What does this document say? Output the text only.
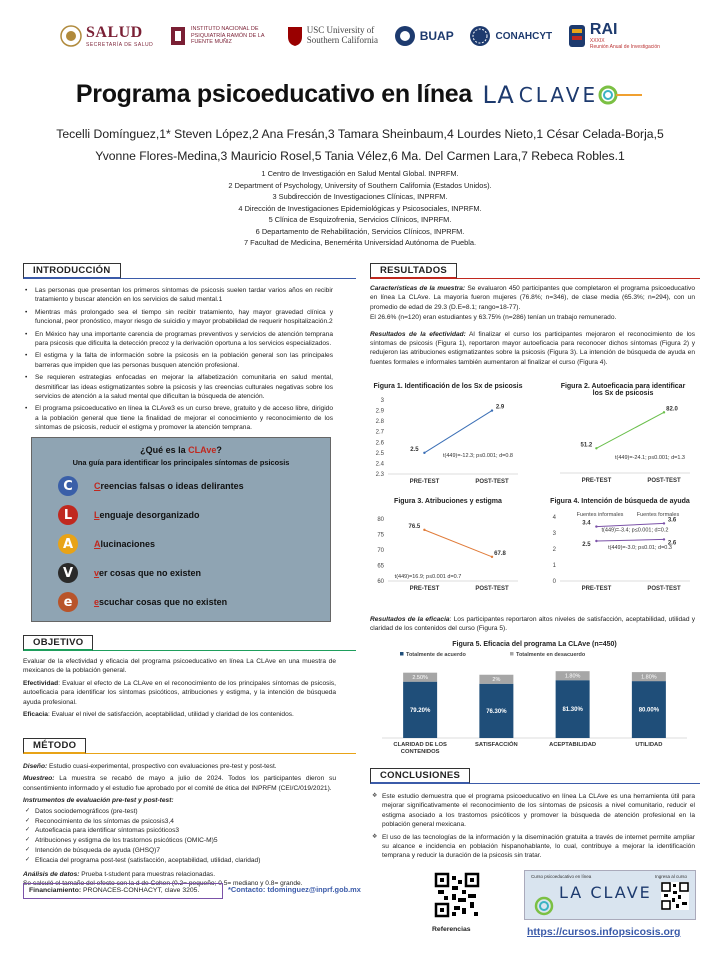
SALUD
SECRETARÍA DE SALUD
INSTITUTO NACIONAL DE PSIQUIATRÍA RAMÓN DE LA FUENTE MUÑIZ
USC University of
Southern California	BUAP	CONAHCYT RAI
XXXIX
Reunión Anual de Investigación
Programa psicoeducativo en línea LA CLAVE
Tecelli Domínguez,1* Steven López,2 Ana Fresán,3 Tamara Sheinbaum,4 Lourdes Nieto,1 César Celada-Borja,5
Yvonne Flores-Medina,3 Mauricio Rosel,5 Tania Vélez,6 Ma. Del Carmen Lara,7 Rebeca Robles.1
1 Centro de Investigación en Salud Mental Global. INPRFM.
2 Department of Psychology, University of Southern California (Estados Unidos).
3 Subdirección de Investigaciones Clínicas, INPRFM.
4 Dirección de Investigaciones Epidemiológicas y Psicosociales, INPRFM.
5 Clínica de Esquizofrenia, Servicios Clínicos, INPRFM.
6 Departamento de Rehabilitación, Servicios Clínicos, INPRFM.
7 Facultad de Medicina, Benemérita Universidad Autónoma de Puebla.
INTRODUCCIÓN
• Las personas que presentan los primeros síntomas de psicosis suelen tardar varios años en recibir tratamiento y buscar atención en los servicios de salud mental.1
• Mientras más prolongado sea el tiempo sin recibir tratamiento, hay mayor gravedad clínica y funcional, peor pronóstico, mayor riesgo de suicidio y mayor probabilidad de requerir hospitalización.2
• En México hay una importante carencia de programas preventivos y servicios de atención temprana para psicosis que dificulta la detección precoz y la derivación oportuna a los servicios especializados.
• El estigma y la falta de información sobre la psicosis en la población general son las principales barreras que impiden que las personas busquen atención profesional.
• Se requieren estrategias enfocadas en mejorar la alfabetización comunitaria en salud mental, desmitificar las ideas estigmatizantes sobre la psicosis y las creencias culturales negativas sobre los servicios de atención a la salud mental que dificultan la búsqueda de atención.
• El programa psicoeducativo en línea la CLAve3 es un curso breve, gratuito y de acceso libre, dirigido a la población general que tiene la finalidad de mejorar el conocimiento y reconocimiento de los síntomas de psicosis, reducir el estigma y promover la atención temprana.
¿Qué es la CLAve?
Una guía para identificar los principales síntomas de psicosis
C	Creencias falsas o ideas delirantes
L	Lenguaje desorganizado
A	Alucinaciones
V	ver cosas que no existen
e	escuchar cosas que no existen
OBJETIVO

Evaluar de la efectividad y eficacia del programa psicoeducativo en línea La CLAve en una muestra de mexicanos de la población general.

Efectividad: Evaluar el efecto de La CLAve en el reconocimiento de los principales síntomas de psicosis, autoeficacia para identificar los síntomas psicóticos, atribuciones y estigma, y la intención de búsqueda ayuda profesional.

Eficacia: Evaluar el nivel de satisfacción, aceptabilidad, utilidad y claridad de los contenidos.

MÉTODO

Diseño: Estudio cuasi-experimental, prospectivo con evaluaciones pre-test y post-test.

Muestreo: La muestra se recabó de mayo a julio de 2024. Todos los participantes dieron su consentimiento informado y el estudio fue aprobado por el comité de ética del INPRFM (CEI/C/019/2021).

Instrumentos de evaluación pre-test y post-test:

✓ Datos sociodemográficos (pre-test)
✓ Reconocimiento de los síntomas de psicosis3,4
✓ Autoeficacia para identificar síntomas psicóticos3
✓ Atribuciones y estigma de los trastornos psicóticos (OMIC-M)5
✓ Intención de búsqueda de ayuda (GHSQ)7
✓ Eficacia del programa post-test (satisfacción, aceptabilidad, utilidad, claridad)

Análisis de datos: Prueba t-student para muestras relacionadas.

Se calculó el tamaño del efecto con la d de Cohen (0.2= pequeño; 0.5= mediano y 0.8= grande.

Financiamiento: PRONACES-CONHACYT, clave 3205.	*Contacto: tdominguez@inprf.gob.mx
RESULTADOS

Características de la muestra: Se evaluaron 450 participantes que completaron el programa psicoeducativo en línea La CLAve. La mayoría fueron mujeres (76.8%; n=346), de clase media (65.3%; n=294), con un promedio de edad de 29.3 (D.E=8.1; rango=18-77).

El 26.6% (n=120) eran estudiantes y 63.75% (n=286) tenían un trabajo remunerado.

Resultados de la efectividad: Al finalizar el curso los participantes mejoraron el reconocimiento de los síntomas de psicosis (Figura 1), reportaron mayor autoeficacia para reconocer dichos síntomas (Figura 2) y redujeron las atribuciones estigmatizantes sobre la psicosis (Figura 3). La intención de búsqueda de ayuda en fuentes formales e informales también aumentaron al finalizar el curso (Figura 4).

Figura 1. Identificación de los Sx de psicosis
3
2.9
2.8
2.7
2.6
2.5
2.4
2.3
PRE-TEST	POST-TEST
2.5
2.9
t(449)=-12.3; p≤0.001; d=0.8
Figura 2. Autoeficacia para identificar los Sx de psicosis
PRE-TEST	POST-TEST
51.2
82.0
t(449)=-24.1; p≤0.001; d=1.3
Figura 3. Atribuciones y estigma
80
75
70
65
60
PRE-TEST	POST-TEST
76.5
67.8
t(449)=16.9; p≤0.001 d=0.7
Figura 4. Intención de búsqueda de ayuda
4
3
2
1
0
PRE-TEST	POST-TEST
3.4
3.6
2.5	2.6
Fuentes informales Fuentes formales
t(449)=-3.4; p≤0.001; d=0.2
t(449)=-3.0; p≤0.01; d=0.3

Resultados de la eficacia: Los participantes reportaron altos niveles de satisfacción, aceptabilidad, utilidad y claridad de los contenidos del curso (Figura 5).

Figura 5. Eficacia del programa La CLAve (n=450)
Totalmente de acuerdo	Totalmente en desacuerdo
79.20%
2.50%
CLARIDAD DE LOS
CONTENIDOS
76.30%
2%
SATISFACCIÓN
81.30%
1.80%
ACEPTABILIDAD
80.00%
1.80%
UTILIDAD
CONCLUSIONES
❖ Este estudio demuestra que el programa psicoeducativo en línea La CLAve es una herramienta útil para mejorar significativamente el reconocimiento de los síntomas de psicosis a nivel comunitario, reducir el estigma asociado a los trastornos psicóticos y promover la búsqueda de atención profesional en la población general mexicana.
❖ El uso de las tecnologías de la información y la diseminación gratuita a través de internet permite ampliar su alcance e incidencia en población hispanohablante, lo cual, contribuye a mejorar la identificación temprana y reducir la duración de la psicosis sin tratar.
Referencias
Curso psicoeducativo en línea
LA CLAVE
Ingresa al curso
https://cursos.infopsicosis.org
